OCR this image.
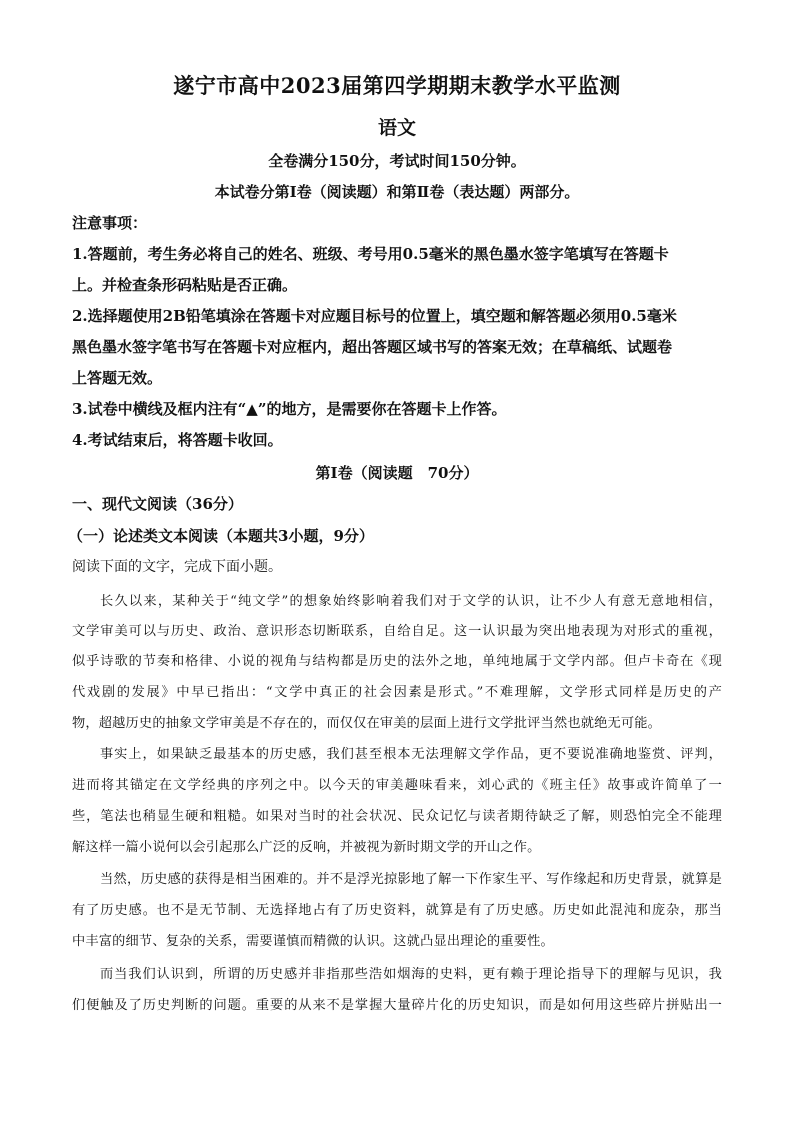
遂宁市高中2023届第四学期期末教学水平监测
语文
全卷满分150分，考试时间150分钟。
本试卷分第Ⅰ卷（阅读题）和第Ⅱ卷（表达题）两部分。
注意事项：
1.答题前，考生务必将自己的姓名、班级、考号用0.5毫米的黑色墨水签字笔填写在答题卡
上。并检查条形码粘贴是否正确。
2.选择题使用2B铅笔填涂在答题卡对应题目标号的位置上，填空题和解答题必须用0.5毫米
黑色墨水签字笔书写在答题卡对应框内，超出答题区域书写的答案无效；在草稿纸、试题卷
上答题无效。
3.试卷中横线及框内注有“▲”的地方，是需要你在答题卡上作答。
4.考试结束后，将答题卡收回。
第Ⅰ卷（阅读题　70分）
一、现代文阅读（36分）
（一）论述类文本阅读（本题共3小题，9分）
阅读下面的文字，完成下面小题。
长久以来，某种关于“纯文学”的想象始终影响着我们对于文学的认识，让不少人有意无意地相信，
文学审美可以与历史、政治、意识形态切断联系，自给自足。这一认识最为突出地表现为对形式的重视，
似乎诗歌的节奏和格律、小说的视角与结构都是历史的法外之地，单纯地属于文学内部。但卢卡奇在《现
代戏剧的发展》中早已指出：“文学中真正的社会因素是形式。”不难理解，文学形式同样是历史的产
物，超越历史的抽象文学审美是不存在的，而仅仅在审美的层面上进行文学批评当然也就绝无可能。
事实上，如果缺乏最基本的历史感，我们甚至根本无法理解文学作品，更不要说准确地鉴赏、评判，
进而将其锚定在文学经典的序列之中。以今天的审美趣味看来，刘心武的《班主任》故事或许简单了一
些，笔法也稍显生硬和粗糙。如果对当时的社会状况、民众记忆与读者期待缺乏了解，则恐怕完全不能理
解这样一篇小说何以会引起那么广泛的反响，并被视为新时期文学的开山之作。
当然，历史感的获得是相当困难的。并不是浮光掠影地了解一下作家生平、写作缘起和历史背景，就算是
有了历史感。也不是无节制、无选择地占有了历史资料，就算是有了历史感。历史如此混沌和庞杂，那当
中丰富的细节、复杂的关系，需要谨慎而精微的认识。这就凸显出理论的重要性。
而当我们认识到，所谓的历史感并非指那些浩如烟海的史料，更有赖于理论指导下的理解与见识，我
们便触及了历史判断的问题。重要的从来不是掌握大量碎片化的历史知识，而是如何用这些碎片拼贴出一
